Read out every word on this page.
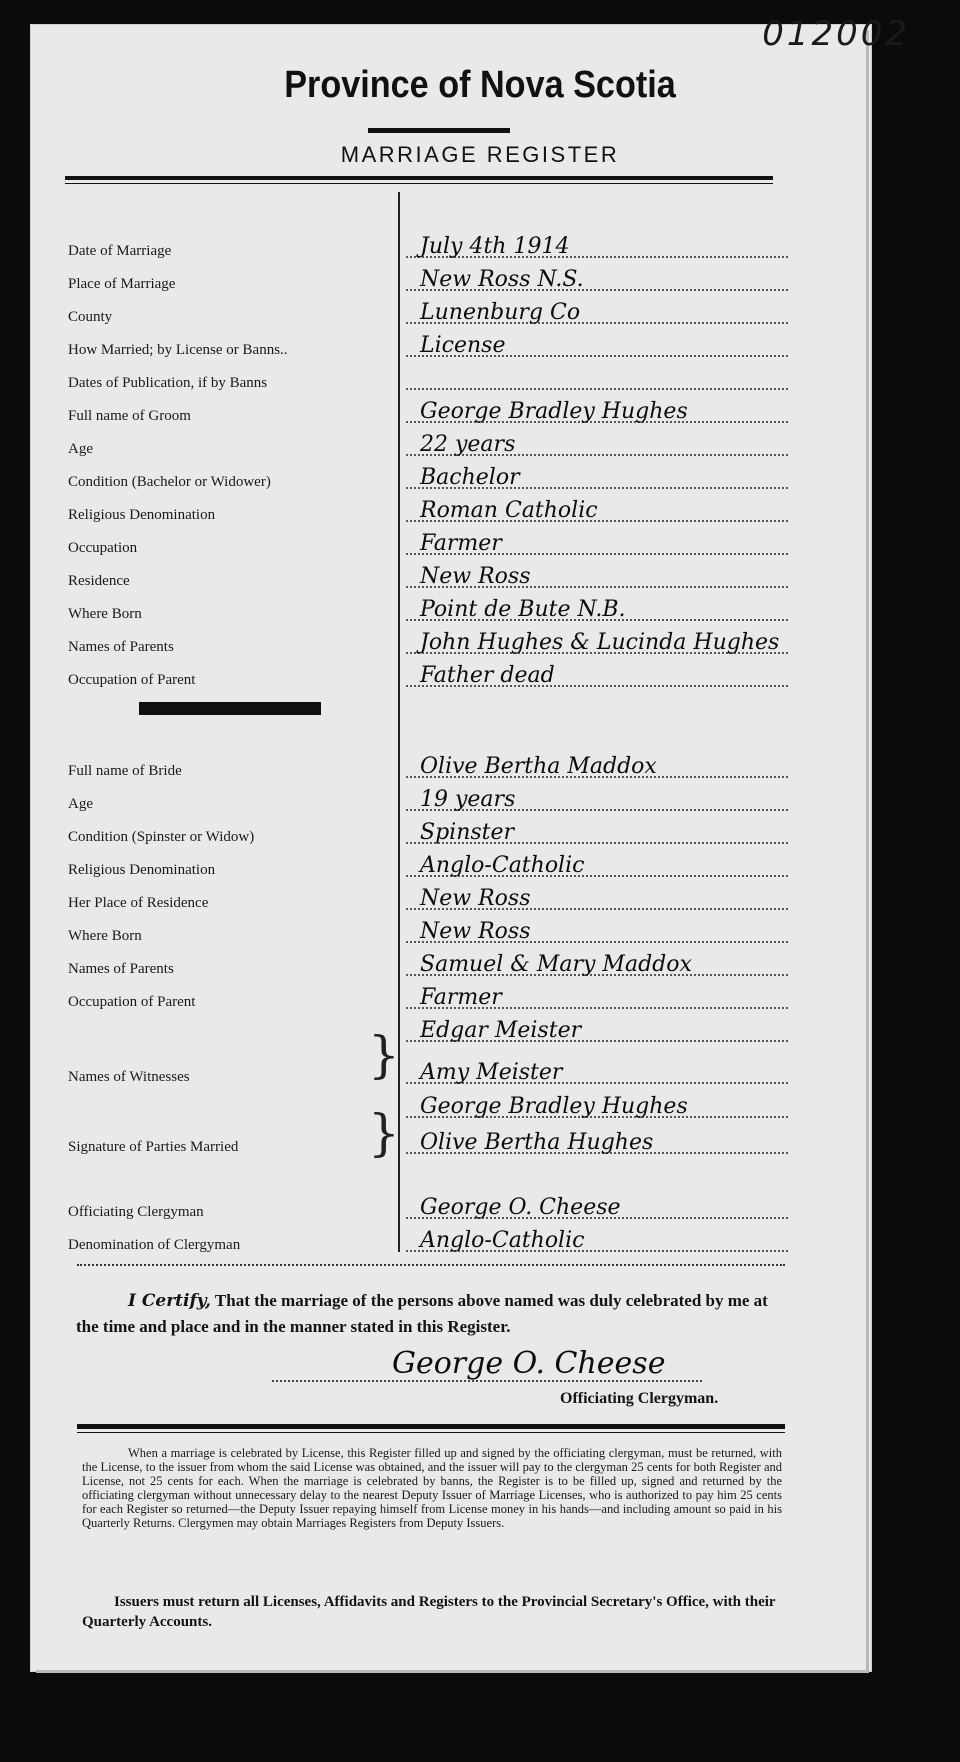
012002
Province of Nova Scotia
MARRIAGE REGISTER
Date of Marriage	July 4th 1914
Place of Marriage	New Ross N.S.
County	Lunenburg Co
How Married; by License or Banns..	License
Dates of Publication, if by Banns
Full name of Groom	George Bradley Hughes
Age	22 years
Condition (Bachelor or Widower)	Bachelor
Religious Denomination	Roman Catholic
Occupation	Farmer
Residence	New Ross
Where Born	Point de Bute N.B.
Names of Parents	John Hughes & Lucinda Hughes
Occupation of Parent	Father dead
Full name of Bride	Olive Bertha Maddox
Age	19 years
Condition (Spinster or Widow)	Spinster
Religious Denomination	Anglo-Catholic
Her Place of Residence	New Ross
Where Born	New Ross
Names of Parents	Samuel & Mary Maddox
Occupation of Parent	Farmer
Edgar Meister
Names of Witnesses	Amy Meister
}
George Bradley Hughes
Signature of Parties Married	Olive Bertha Hughes
}
Officiating Clergyman	George O. Cheese
Denomination of Clergyman	Anglo-Catholic
I Certify, That the marriage of the persons above named was duly celebrated by me at the time and place and in the manner stated in this Register.
George O. Cheese
Officiating Clergyman.
When a marriage is celebrated by License, this Register filled up and signed by the officiating clergyman, must be returned, with the License, to the issuer from whom the said License was obtained, and the issuer will pay to the clergyman 25 cents for both Register and License, not 25 cents for each. When the marriage is celebrated by banns, the Register is to be filled up, signed and returned by the officiating clergyman without unnecessary delay to the nearest Deputy Issuer of Marriage Licenses, who is authorized to pay him 25 cents for each Register so returned—the Deputy Issuer repaying himself from License money in his hands—and including amount so paid in his Quarterly Returns. Clergymen may obtain Marriages Registers from Deputy Issuers.
Issuers must return all Licenses, Affidavits and Registers to the Provincial Secretary's Office, with their Quarterly Accounts.
